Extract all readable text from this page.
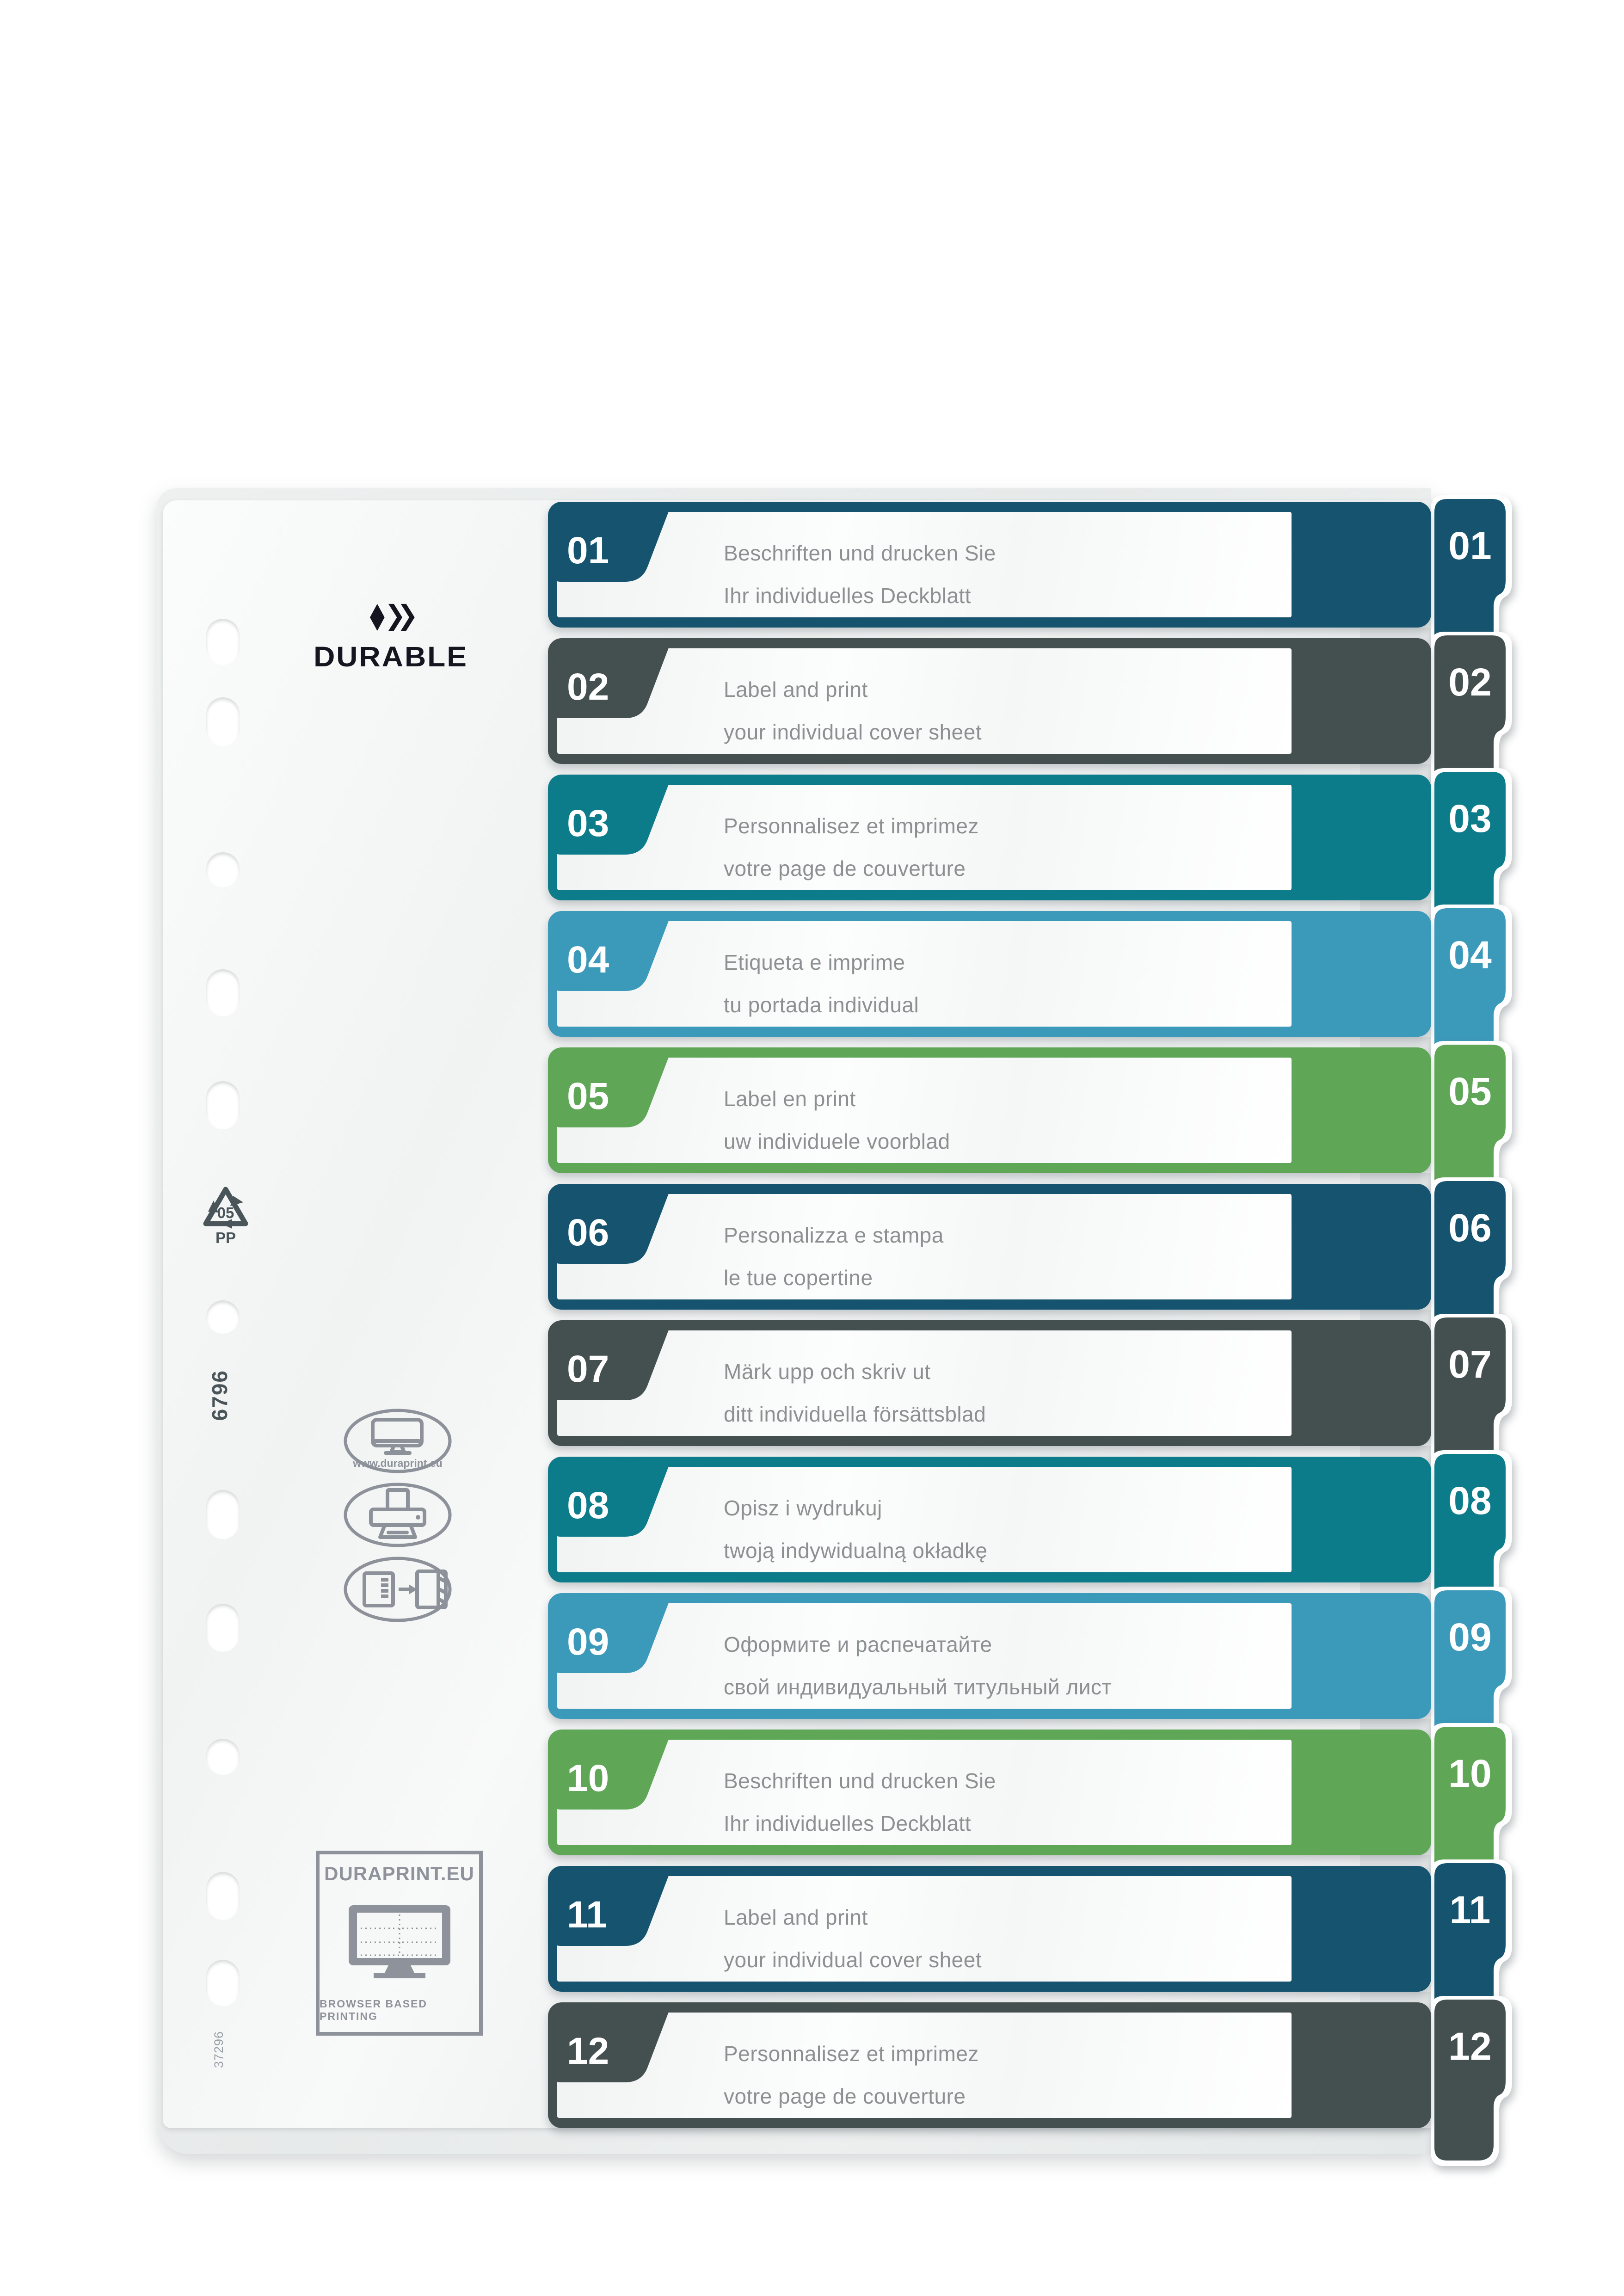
DURABLE
05
PP
6796
37296
www.duraprint.eu
DURAPRINT.EU
BROWSER BASED PRINTING
01	Beschriften und drucken Sie
Ihr individuelles Deckblatt
01
02	Label and print
your individual cover sheet
02
03	Personnalisez et imprimez
votre page de couverture
03
04	Etiqueta e imprime
tu portada individual
04
05	Label en print
uw individuele voorblad
05
06	Personalizza e stampa
le tue copertine
06
07	Märk upp och skriv ut
ditt individuella försättsblad
07
08	Opisz i wydrukuj
twoją indywidualną okładkę
08
09	Оформите и распечатайте
свой индивидуальный титульный лист
09
10	Beschriften und drucken Sie
Ihr individuelles Deckblatt
10
11	Label and print
your individual cover sheet
11
12	Personnalisez et imprimez
votre page de couverture
12
